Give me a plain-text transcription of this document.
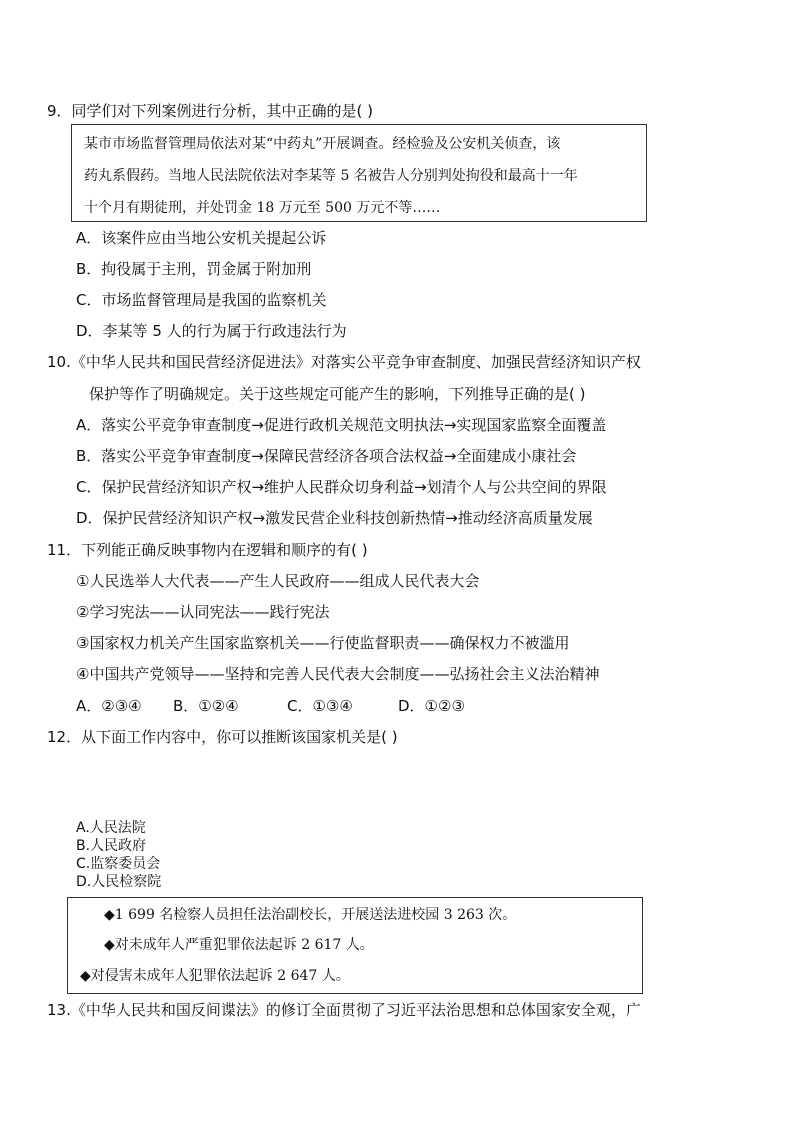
9．同学们对下列案例进行分析，其中正确的是( )
某市市场监督管理局依法对某“中药丸”开展调查。经检验及公安机关侦查，该
药丸系假药。当地人民法院依法对李某等 5 名被告人分别判处拘役和最高十一年
十个月有期徒刑，并处罚金 18 万元至 500 万元不等……
A．该案件应由当地公安机关提起公诉
B．拘役属于主刑，罚金属于附加刑
C．市场监督管理局是我国的监察机关
D．李某等 5 人的行为属于行政违法行为
10.《中华人民共和国民营经济促进法》对落实公平竞争审查制度、加强民营经济知识产权
保护等作了明确规定。关于这些规定可能产生的影响，下列推导正确的是( )
A．落实公平竞争审查制度→促进行政机关规范文明执法→实现国家监察全面覆盖
B．落实公平竞争审查制度→保障民营经济各项合法权益→全面建成小康社会
C．保护民营经济知识产权→维护人民群众切身利益→划清个人与公共空间的界限
D．保护民营经济知识产权→激发民营企业科技创新热情→推动经济高质量发展
11．下列能正确反映事物内在逻辑和顺序的有( )
①人民选举人大代表——产生人民政府——组成人民代表大会
②学习宪法——认同宪法——践行宪法
③国家权力机关产生国家监察机关——行使监督职责——确保权力不被滥用
④中国共产党领导——坚持和完善人民代表大会制度——弘扬社会主义法治精神
A．②③④ B．①②④	C．①③④	D．①②③
12．从下面工作内容中，你可以推断该国家机关是( )
A.人民法院
B.人民政府
C.监察委员会
D.人民检察院
◆1 699 名检察人员担任法治副校长，开展送法进校园 3 263 次。
◆对未成年人严重犯罪依法起诉 2 617 人。
◆对侵害未成年人犯罪依法起诉 2 647 人。
13.《中华人民共和国反间谍法》的修订全面贯彻了习近平法治思想和总体国家安全观，广
